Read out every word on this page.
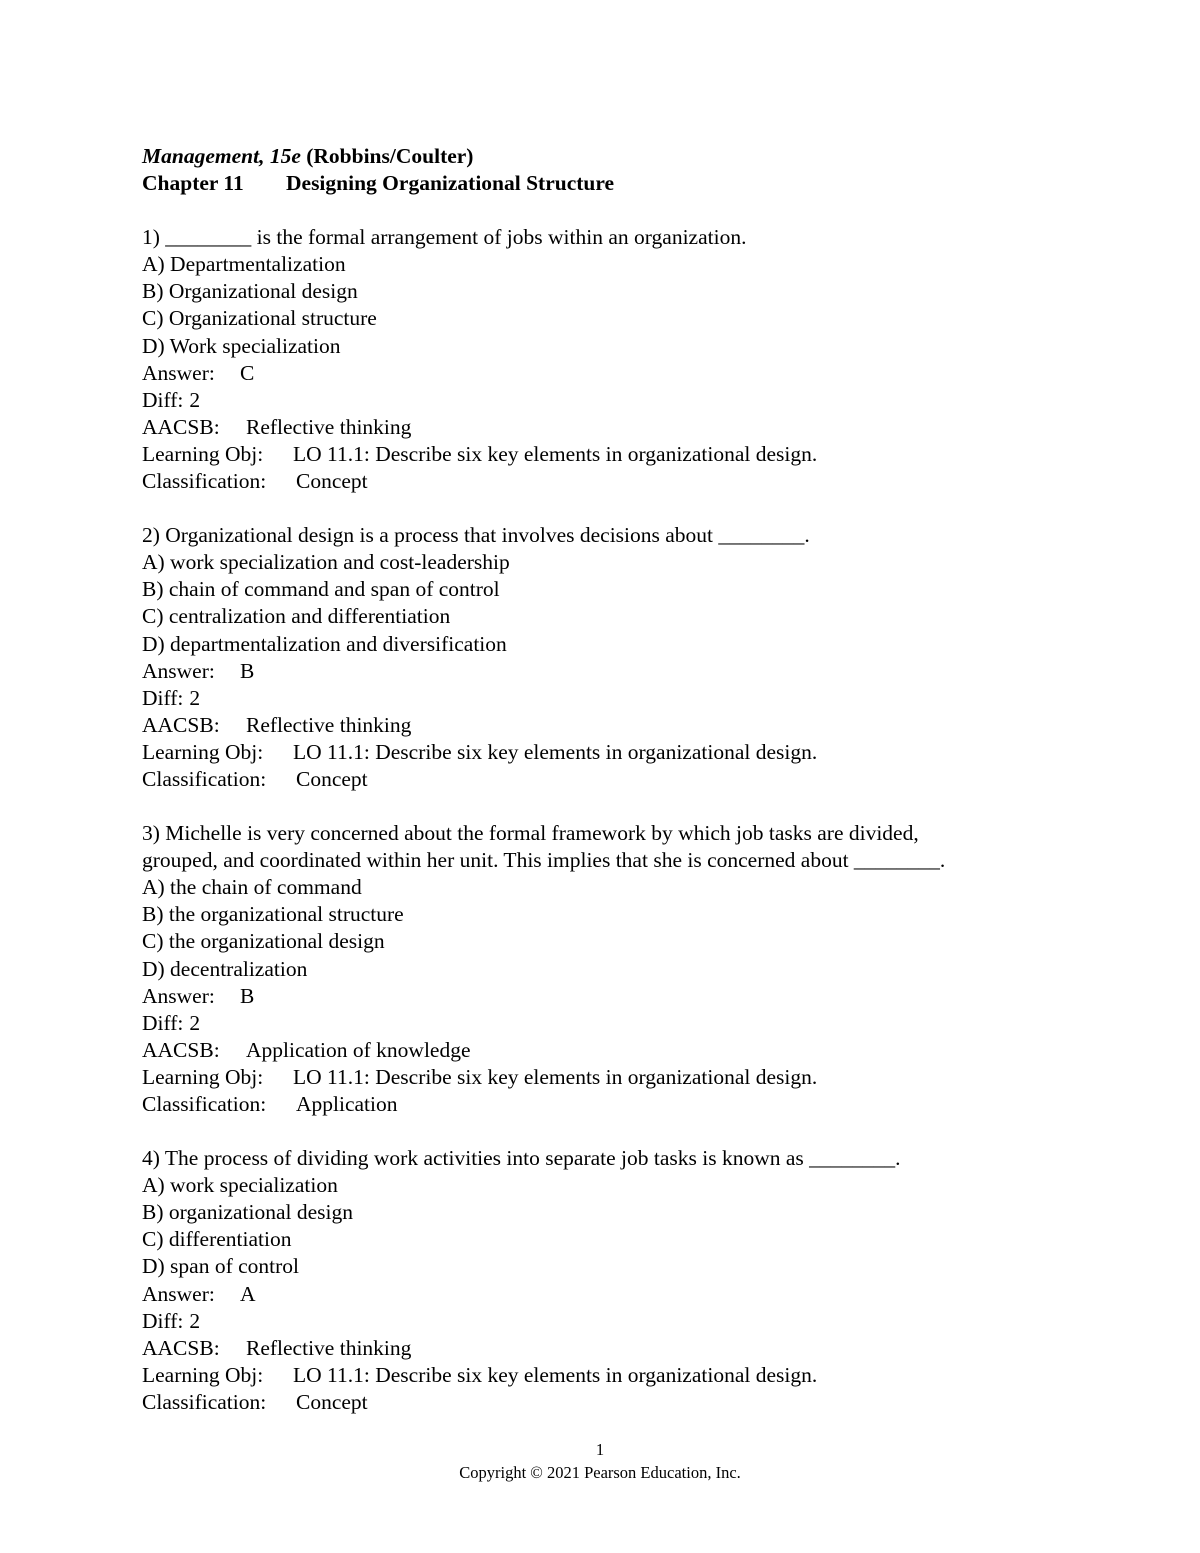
Management, 15e (Robbins/Coulter)
Chapter 11 Designing Organizational Structure
1) ________ is the formal arrangement of jobs within an organization.
A) Departmentalization
B) Organizational design
C) Organizational structure
D) Work specialization
Answer: C
Diff: 2
AACSB: Reflective thinking
Learning Obj: LO 11.1: Describe six key elements in organizational design.
Classification: Concept
2) Organizational design is a process that involves decisions about ________.
A) work specialization and cost-leadership
B) chain of command and span of control
C) centralization and differentiation
D) departmentalization and diversification
Answer: B
Diff: 2
AACSB: Reflective thinking
Learning Obj: LO 11.1: Describe six key elements in organizational design.
Classification: Concept
3) Michelle is very concerned about the formal framework by which job tasks are divided,
grouped, and coordinated within her unit. This implies that she is concerned about ________.
A) the chain of command
B) the organizational structure
C) the organizational design
D) decentralization
Answer: B
Diff: 2
AACSB: Application of knowledge
Learning Obj: LO 11.1: Describe six key elements in organizational design.
Classification: Application
4) The process of dividing work activities into separate job tasks is known as ________.
A) work specialization
B) organizational design
C) differentiation
D) span of control
Answer: A
Diff: 2
AACSB: Reflective thinking
Learning Obj: LO 11.1: Describe six key elements in organizational design.
Classification: Concept
1
Copyright © 2021 Pearson Education, Inc.
